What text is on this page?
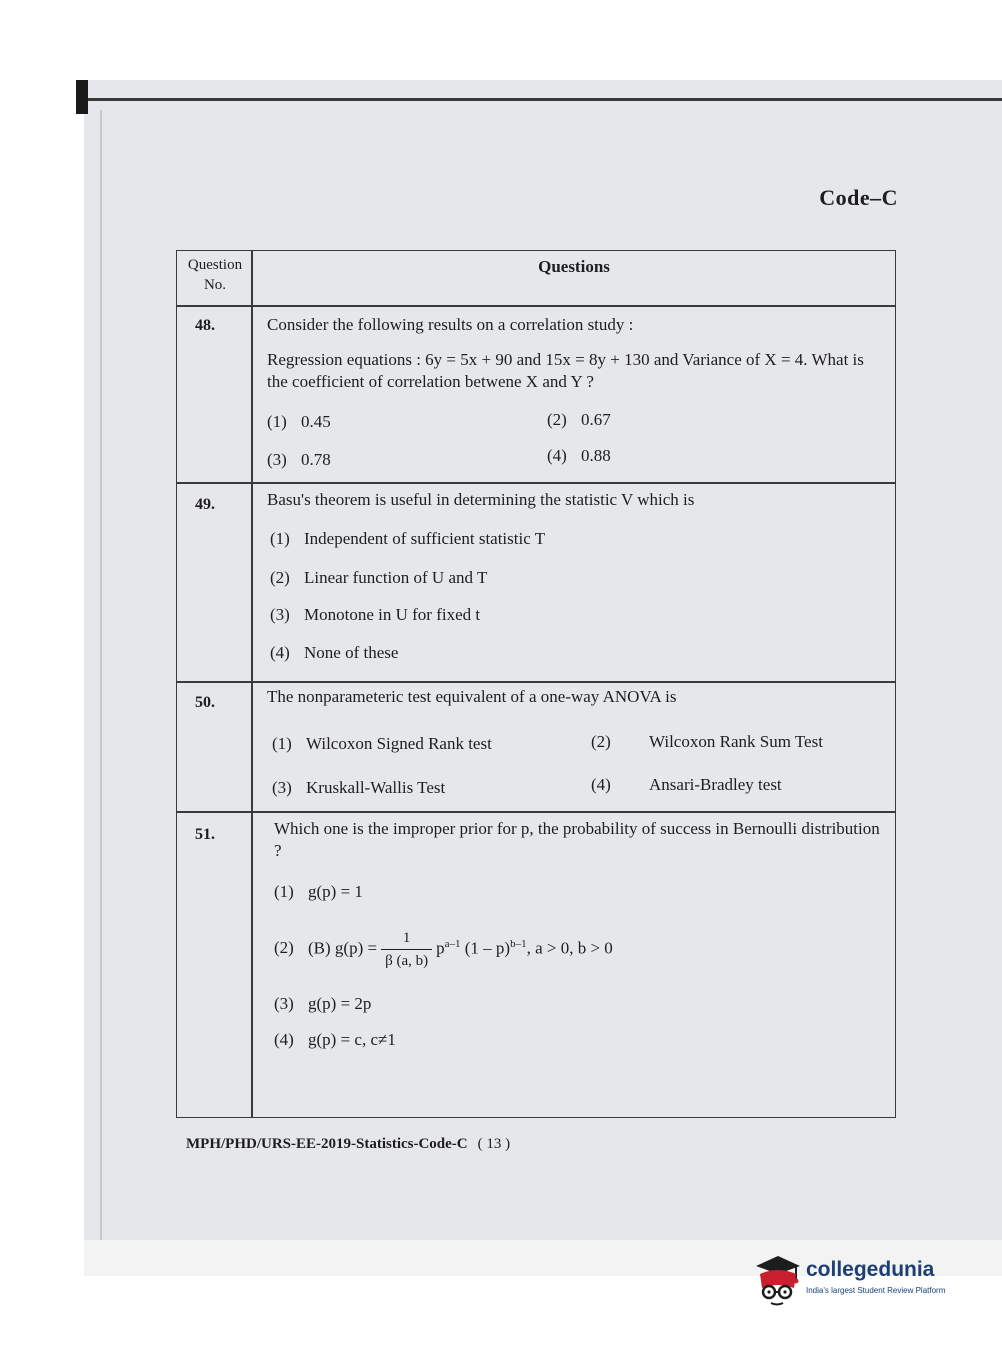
Code–C
Question No.
Questions
48.	Consider the following results on a correlation study :
Regression equations : 6y = 5x + 90 and 15x = 8y + 130 and Variance of X = 4. What is the coefficient of correlation betwene X and Y ?
(1) 0.45	(2) 0.67
(3) 0.78	(4) 0.88
49.	Basu's theorem is useful in determining the statistic V which is
(1) Independent of sufficient statistic T
(2) Linear function of U and T
(3) Monotone in U for fixed t
(4) None of these
50.	The nonparameteric test equivalent of a one-way ANOVA is
(1) Wilcoxon Signed Rank test	(2) Wilcoxon Rank Sum Test
(3) Kruskall-Wallis Test	(4) Ansari-Bradley test
51.	Which one is the improper prior for p, the probability of success in Bernoulli distribution ?
(1) g(p) = 1
(2) (B) $g(p) = \frac{1}{\beta (a, b)} p^{a-1}$ (1 – p)$^{b-1}$, a > 0, b > 0
(3) g(p) = 2p
(4) g(p) = c, c≠1
MPH/PHD/URS-EE-2019-Statistics-Code-C ( 13 )
collegedunia
India's largest Student Review Platform
